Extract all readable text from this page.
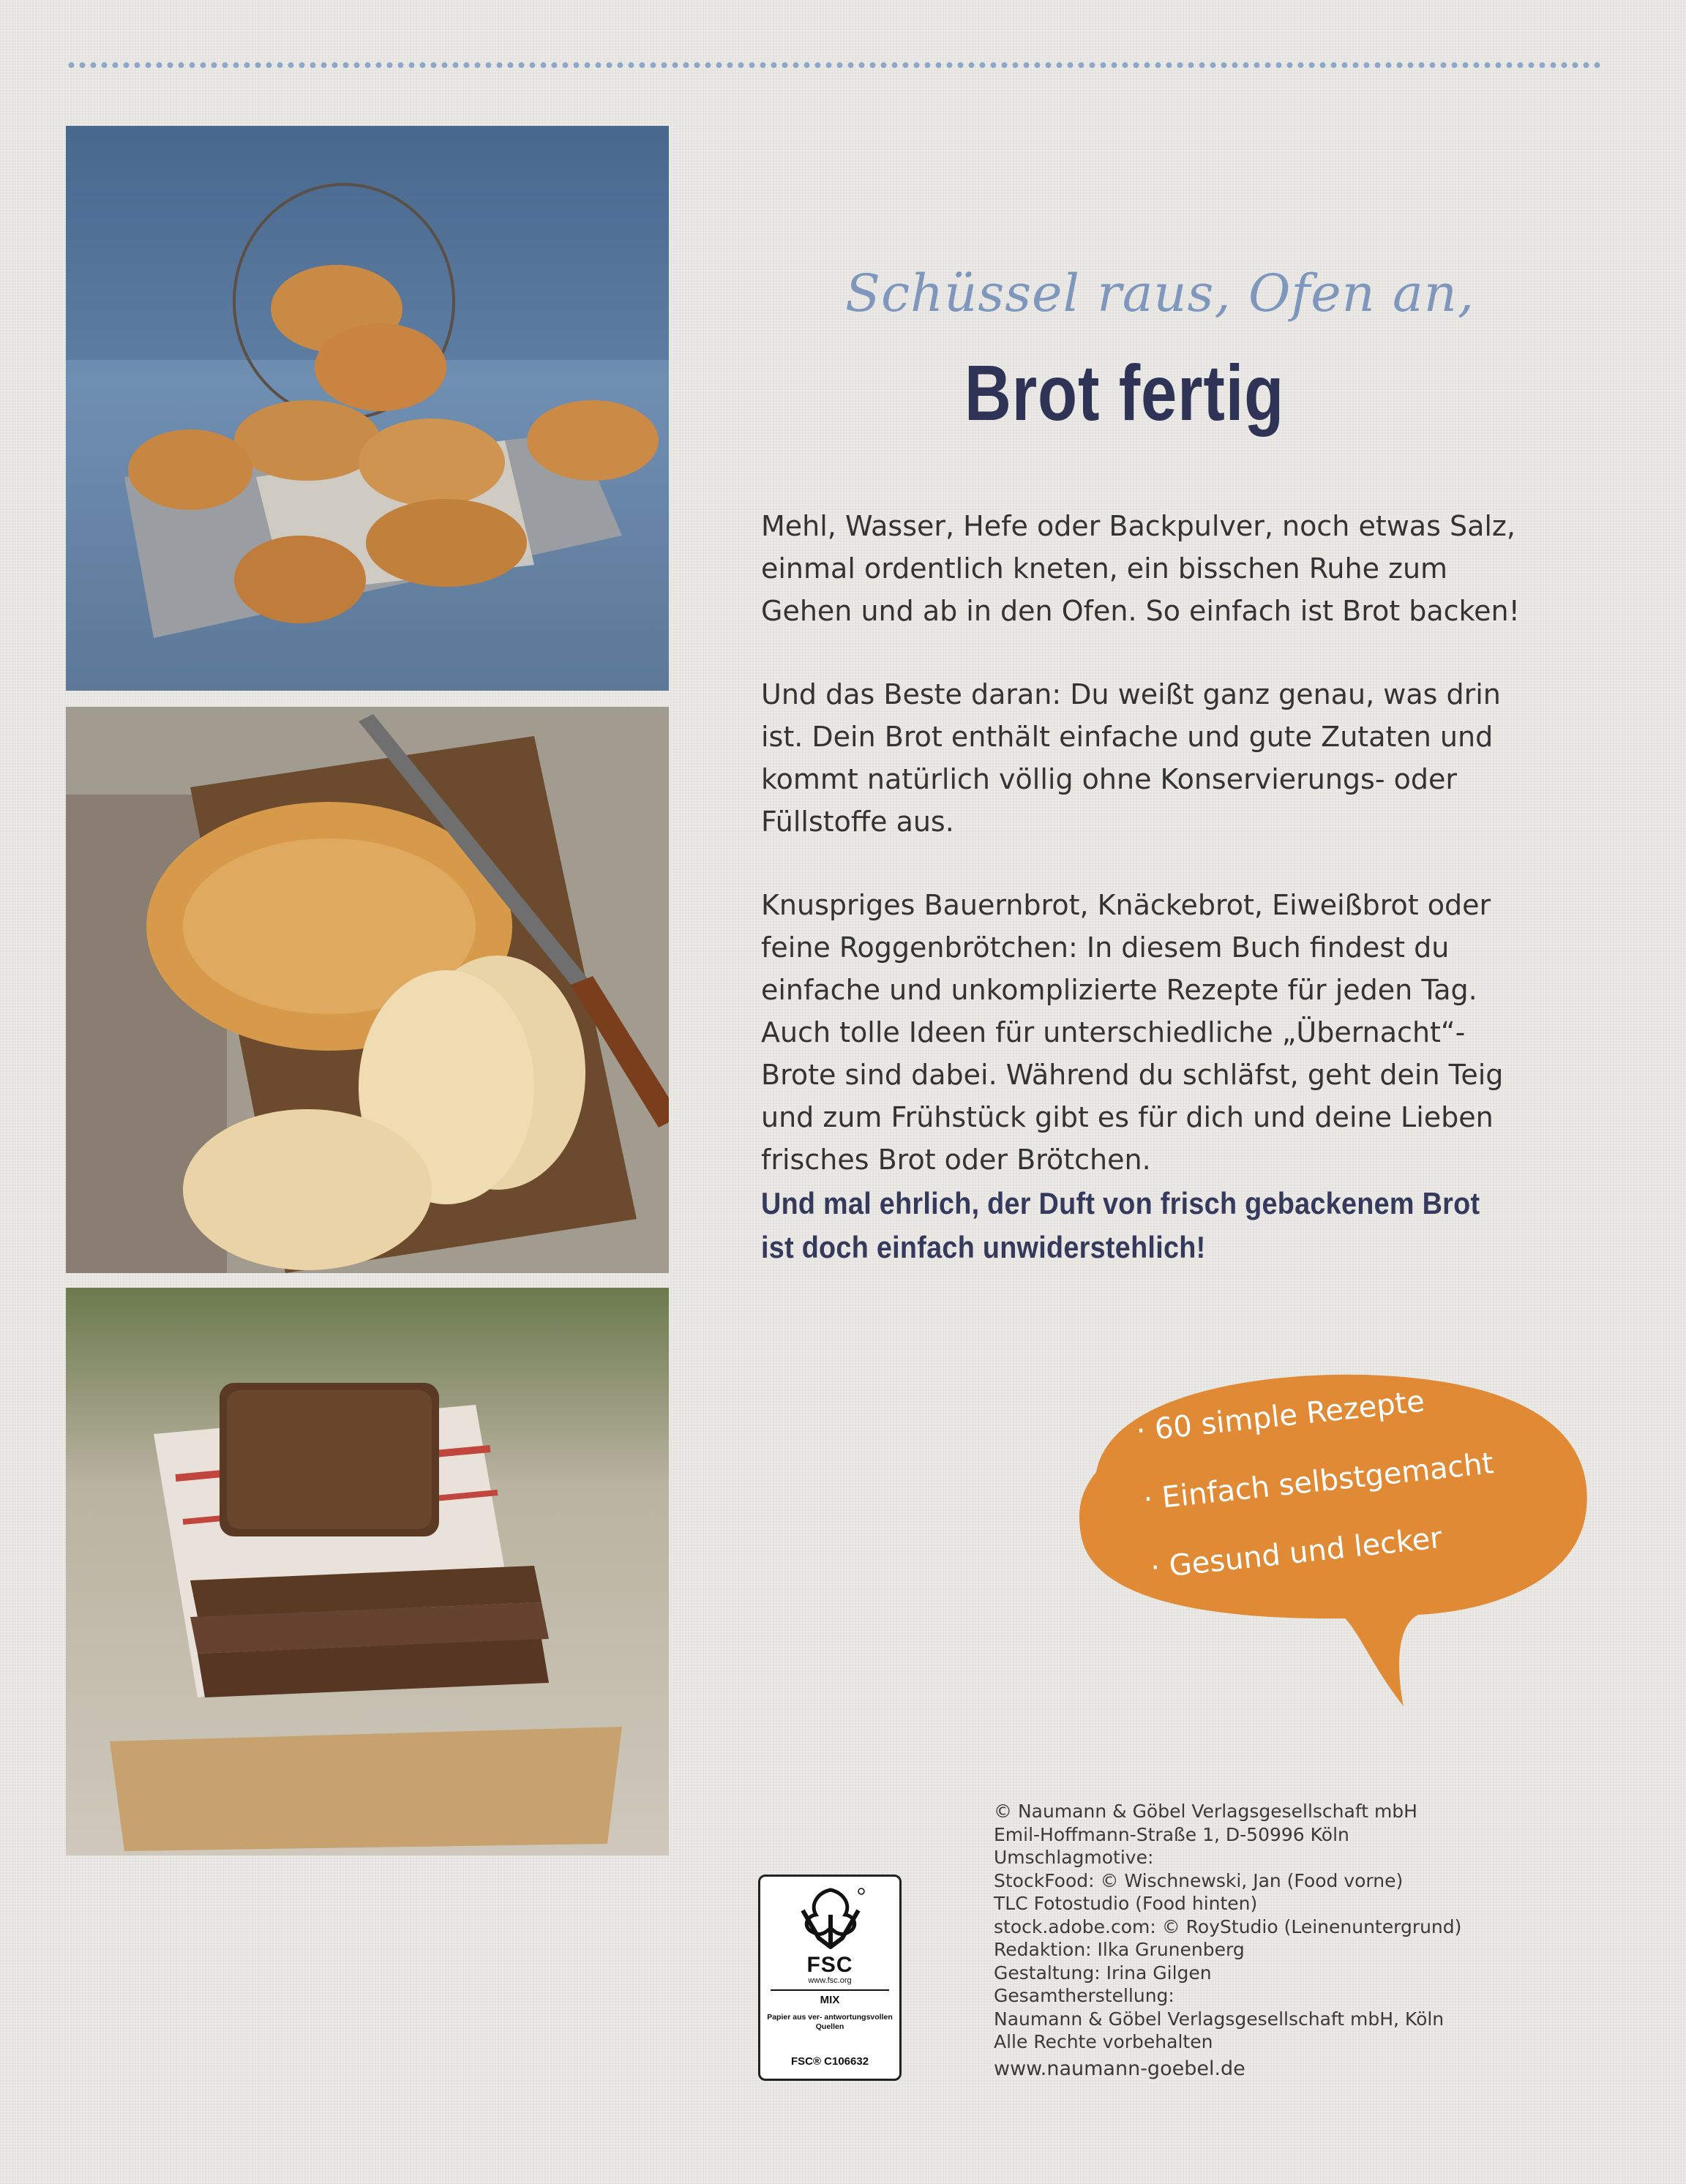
Schüssel raus, Ofen an,
Brot fertig

Mehl, Wasser, Hefe oder Backpulver, noch etwas Salz, einmal ordentlich kneten, ein bisschen Ruhe zum Gehen und ab in den Ofen. So einfach ist Brot backen!

Und das Beste daran: Du weißt ganz genau, was drin ist. Dein Brot enthält einfache und gute Zutaten und kommt natürlich völlig ohne Konservierungs- oder Füllstoffe aus.

Knuspriges Bauernbrot, Knäckebrot, Eiweißbrot oder feine Roggenbrötchen: In diesem Buch findest du einfache und unkomplizierte Rezepte für jeden Tag. Auch tolle Ideen für unterschiedliche „Übernacht“-Brote sind dabei. Während du schläfst, geht dein Teig und zum Frühstück gibt es für dich und deine Lieben frisches Brot oder Brötchen.

Und mal ehrlich, der Duft von frisch gebackenem Brot
ist doch einfach unwiderstehlich!
· 60 simple Rezepte
· Einfach selbstgemacht
· Gesund und lecker
FSC
www.fsc.org
MIX
Papier aus ver- antwortungsvollen Quellen
FSC® C106632
© Naumann & Göbel Verlagsgesellschaft mbH
Emil-Hoffmann-Straße 1, D-50996 Köln
Umschlagmotive:
StockFood: © Wischnewski, Jan (Food vorne)
TLC Fotostudio (Food hinten)
stock.adobe.com: © RoyStudio (Leinenuntergrund)
Redaktion: Ilka Grunenberg
Gestaltung: Irina Gilgen
Gesamtherstellung:
Naumann & Göbel Verlagsgesellschaft mbH, Köln
Alle Rechte vorbehalten
www.naumann-goebel.de
